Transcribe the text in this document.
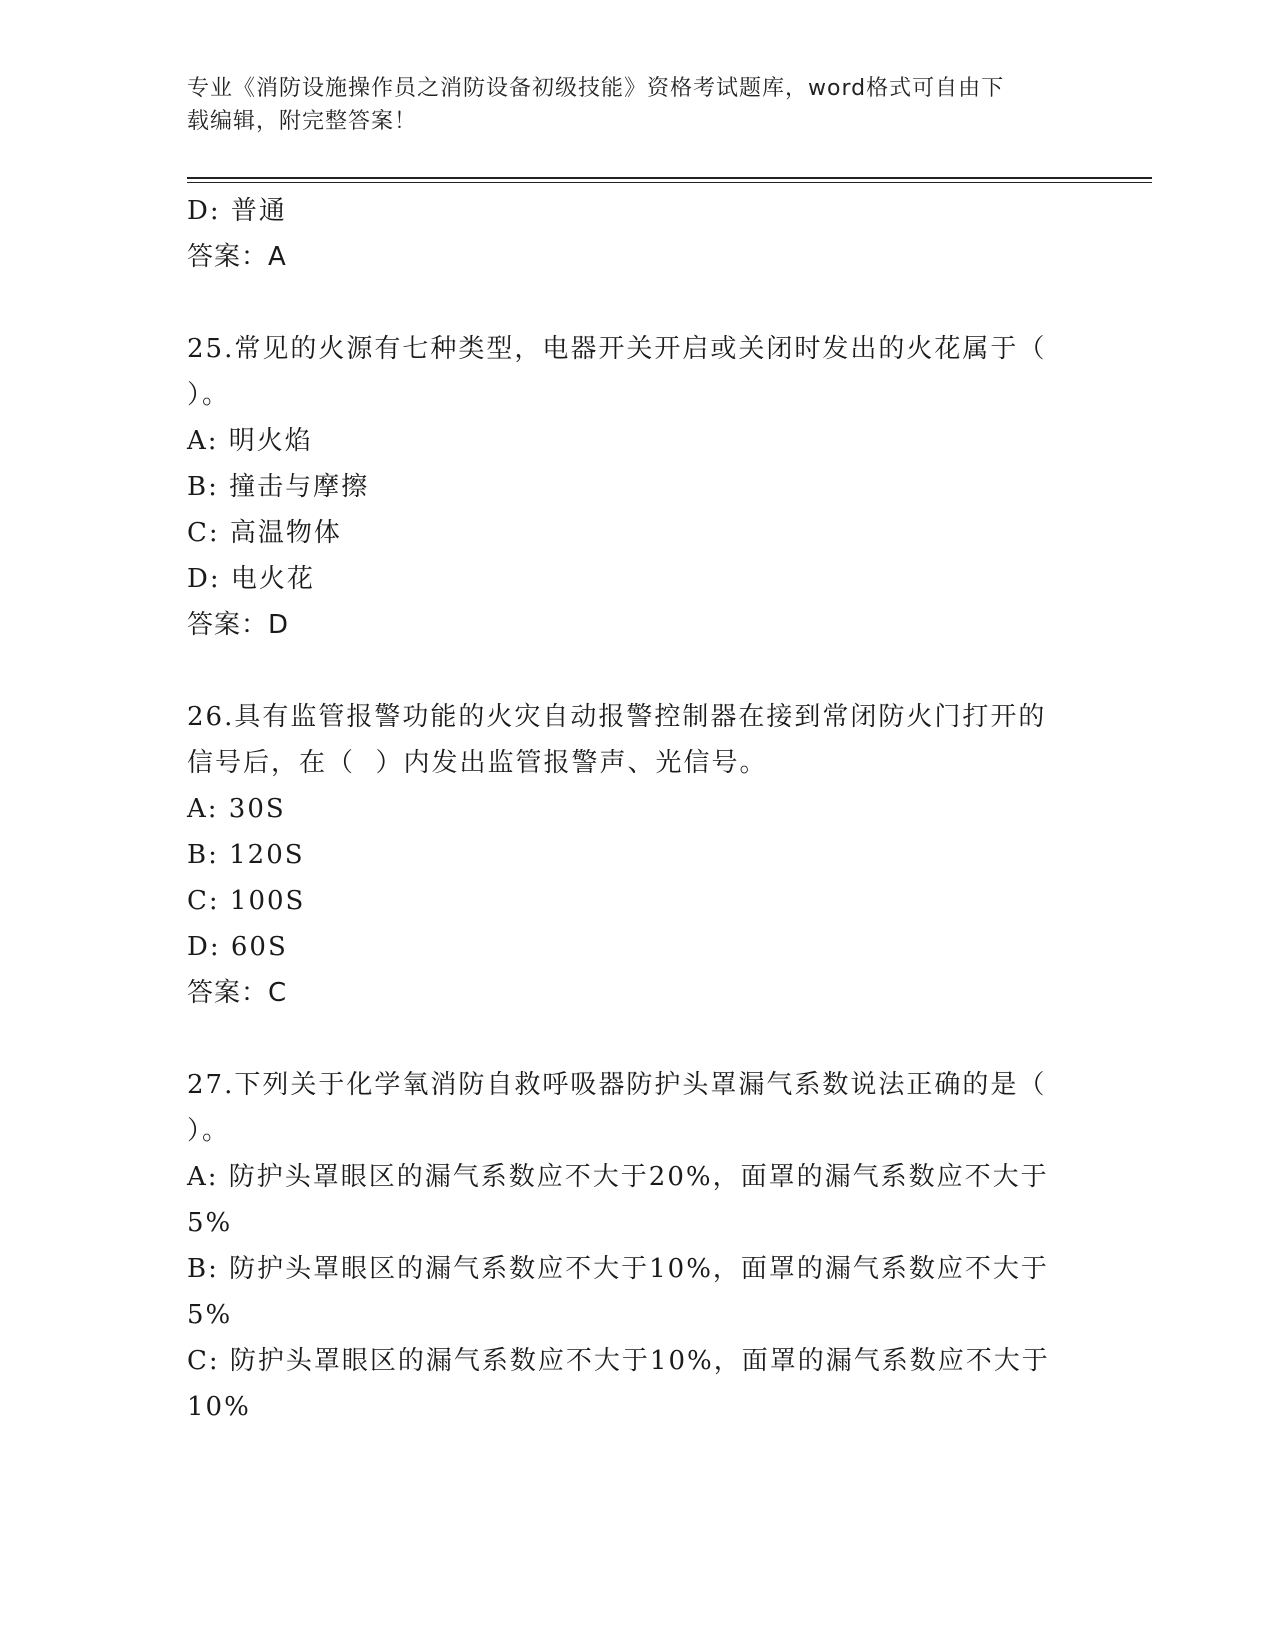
专业《消防设施操作员之消防设备初级技能》资格考试题库，word格式可自由下
载编辑，附完整答案！
D: 普通
答案：A
25.常见的火源有七种类型，电器开关开启或关闭时发出的火花属于（
）。
A: 明火焰
B: 撞击与摩擦
C: 高温物体
D: 电火花
答案：D
26.具有监管报警功能的火灾自动报警控制器在接到常闭防火门打开的
信号后，在（  ）内发出监管报警声、光信号。
A: 30S
B: 120S
C: 100S
D: 60S
答案：C
27.下列关于化学氧消防自救呼吸器防护头罩漏气系数说法正确的是（
）。
A: 防护头罩眼区的漏气系数应不大于20%，面罩的漏气系数应不大于
5%
B: 防护头罩眼区的漏气系数应不大于10%，面罩的漏气系数应不大于
5%
C: 防护头罩眼区的漏气系数应不大于10%，面罩的漏气系数应不大于
10%
